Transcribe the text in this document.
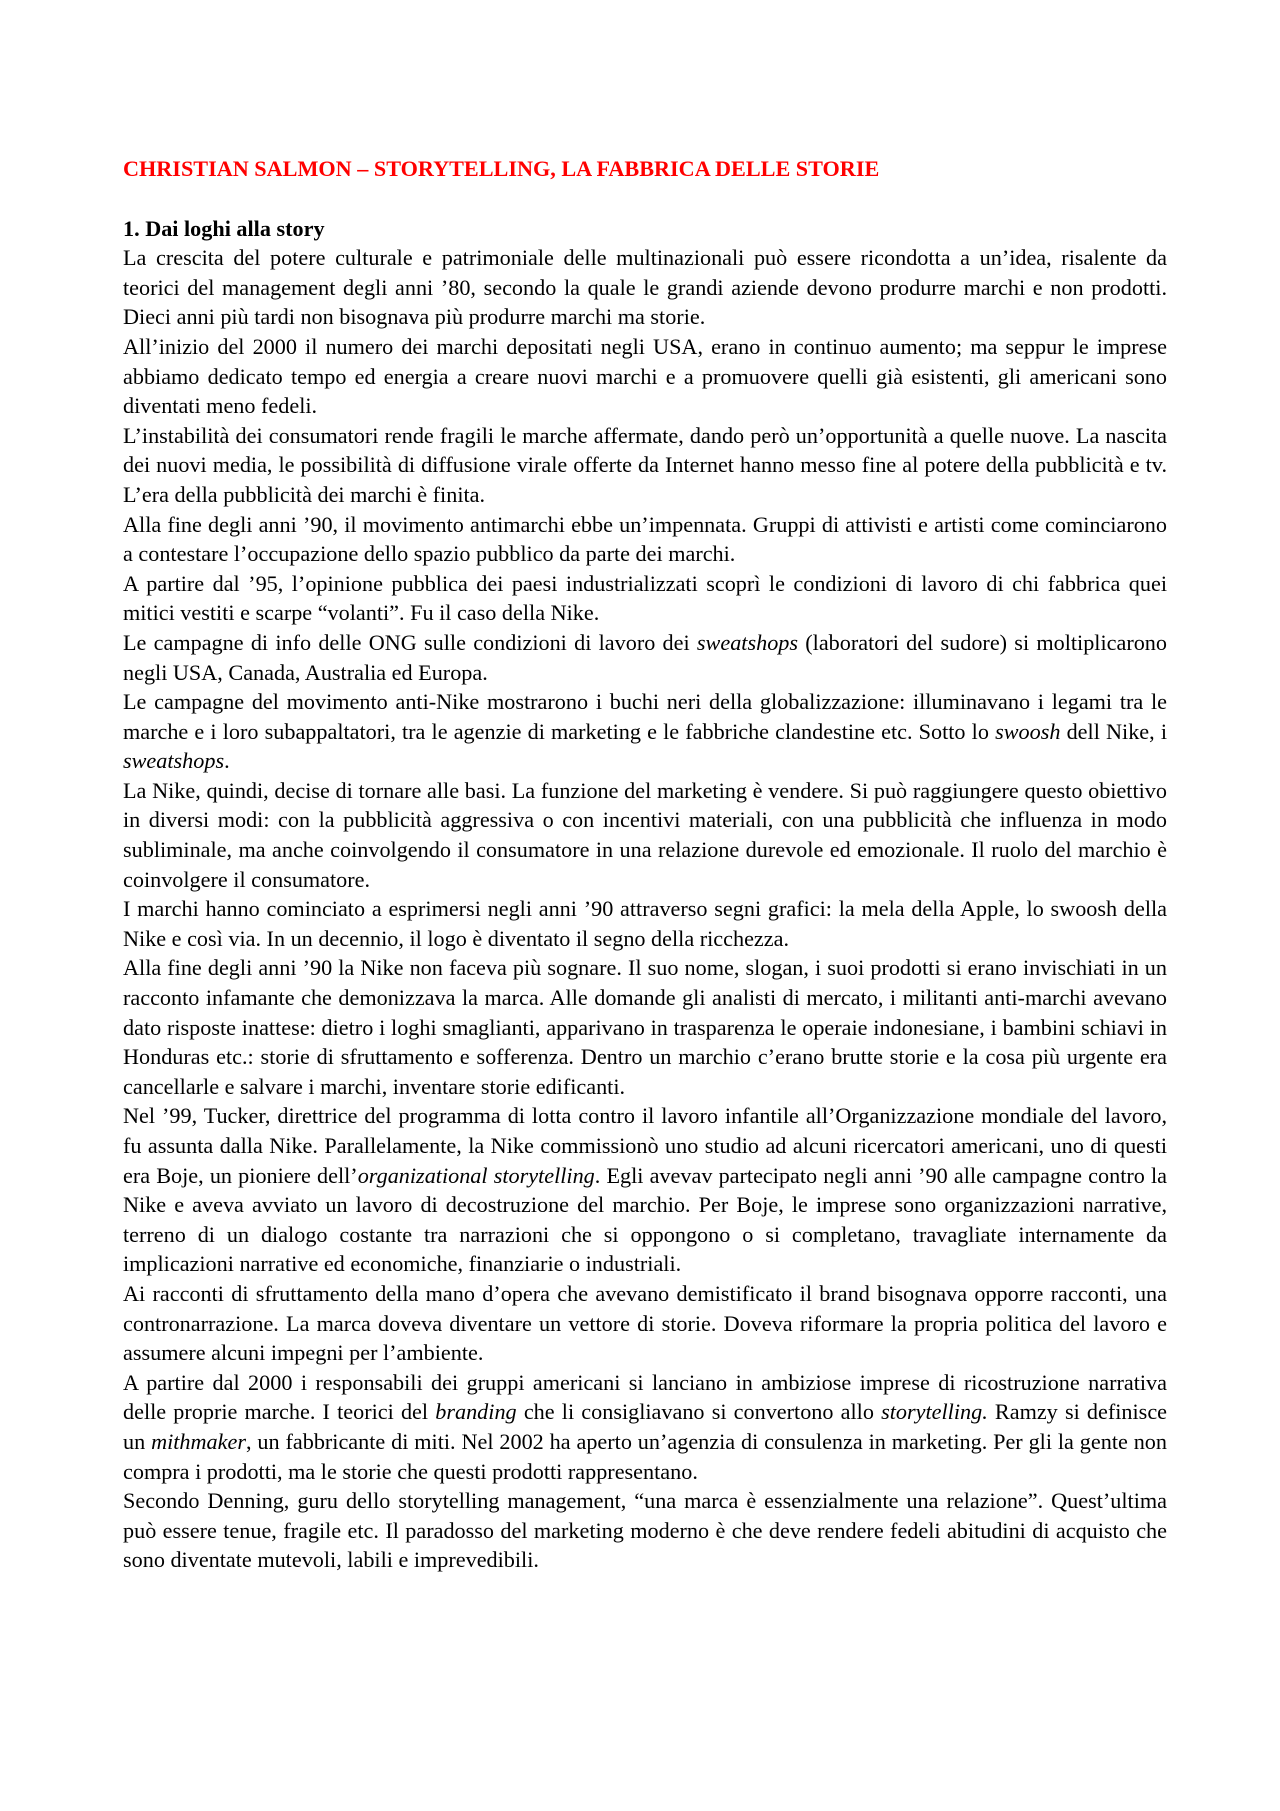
CHRISTIAN SALMON – STORYTELLING, LA FABBRICA DELLE STORIE
1. Dai loghi alla story

La crescita del potere culturale e patrimoniale delle multinazionali può essere ricondotta a un’idea, risalente da teorici del management degli anni ’80, secondo la quale le grandi aziende devono produrre marchi e non prodotti. Dieci anni più tardi non bisognava più produrre marchi ma storie.

All’inizio del 2000 il numero dei marchi depositati negli USA, erano in continuo aumento; ma seppur le imprese abbiamo dedicato tempo ed energia a creare nuovi marchi e a promuovere quelli già esistenti, gli americani sono diventati meno fedeli.

L’instabilità dei consumatori rende fragili le marche affermate, dando però un’opportunità a quelle nuove. La nascita dei nuovi media, le possibilità di diffusione virale offerte da Internet hanno messo fine al potere della pubblicità e tv. L’era della pubblicità dei marchi è finita.

Alla fine degli anni ’90, il movimento antimarchi ebbe un’impennata. Gruppi di attivisti e artisti come cominciarono a contestare l’occupazione dello spazio pubblico da parte dei marchi.

A partire dal ’95, l’opinione pubblica dei paesi industrializzati scoprì le condizioni di lavoro di chi fabbrica quei mitici vestiti e scarpe “volanti”. Fu il caso della Nike.

Le campagne di info delle ONG sulle condizioni di lavoro dei sweatshops (laboratori del sudore) si moltiplicarono negli USA, Canada, Australia ed Europa.

Le campagne del movimento anti-Nike mostrarono i buchi neri della globalizzazione: illuminavano i legami tra le marche e i loro subappaltatori, tra le agenzie di marketing e le fabbriche clandestine etc. Sotto lo swoosh dell Nike, i sweatshops.

La Nike, quindi, decise di tornare alle basi. La funzione del marketing è vendere. Si può raggiungere questo obiettivo in diversi modi: con la pubblicità aggressiva o con incentivi materiali, con una pubblicità che influenza in modo subliminale, ma anche coinvolgendo il consumatore in una relazione durevole ed emozionale. Il ruolo del marchio è coinvolgere il consumatore.

I marchi hanno cominciato a esprimersi negli anni ’90 attraverso segni grafici: la mela della Apple, lo swoosh della Nike e così via. In un decennio, il logo è diventato il segno della ricchezza.

Alla fine degli anni ’90 la Nike non faceva più sognare. Il suo nome, slogan, i suoi prodotti si erano invischiati in un racconto infamante che demonizzava la marca. Alle domande gli analisti di mercato, i militanti anti-marchi avevano dato risposte inattese: dietro i loghi smaglianti, apparivano in trasparenza le operaie indonesiane, i bambini schiavi in Honduras etc.: storie di sfruttamento e sofferenza. Dentro un marchio c’erano brutte storie e la cosa più urgente era cancellarle e salvare i marchi, inventare storie edificanti.

Nel ’99, Tucker, direttrice del programma di lotta contro il lavoro infantile all’Organizzazione mondiale del lavoro, fu assunta dalla Nike. Parallelamente, la Nike commissionò uno studio ad alcuni ricercatori americani, uno di questi era Boje, un pioniere dell’organizational storytelling. Egli avevav partecipato negli anni ’90 alle campagne contro la Nike e aveva avviato un lavoro di decostruzione del marchio. Per Boje, le imprese sono organizzazioni narrative, terreno di un dialogo costante tra narrazioni che si oppongono o si completano, travagliate internamente da implicazioni narrative ed economiche, finanziarie o industriali.

Ai racconti di sfruttamento della mano d’opera che avevano demistificato il brand bisognava opporre racconti, una contronarrazione. La marca doveva diventare un vettore di storie. Doveva riformare la propria politica del lavoro e assumere alcuni impegni per l’ambiente.

A partire dal 2000 i responsabili dei gruppi americani si lanciano in ambiziose imprese di ricostruzione narrativa delle proprie marche. I teorici del branding che li consigliavano si convertono allo storytelling. Ramzy si definisce un mithmaker, un fabbricante di miti. Nel 2002 ha aperto un’agenzia di consulenza in marketing. Per gli la gente non compra i prodotti, ma le storie che questi prodotti rappresentano.

Secondo Denning, guru dello storytelling management, “una marca è essenzialmente una relazione”. Quest’ultima può essere tenue, fragile etc. Il paradosso del marketing moderno è che deve rendere fedeli abitudini di acquisto che sono diventate mutevoli, labili e imprevedibili.
